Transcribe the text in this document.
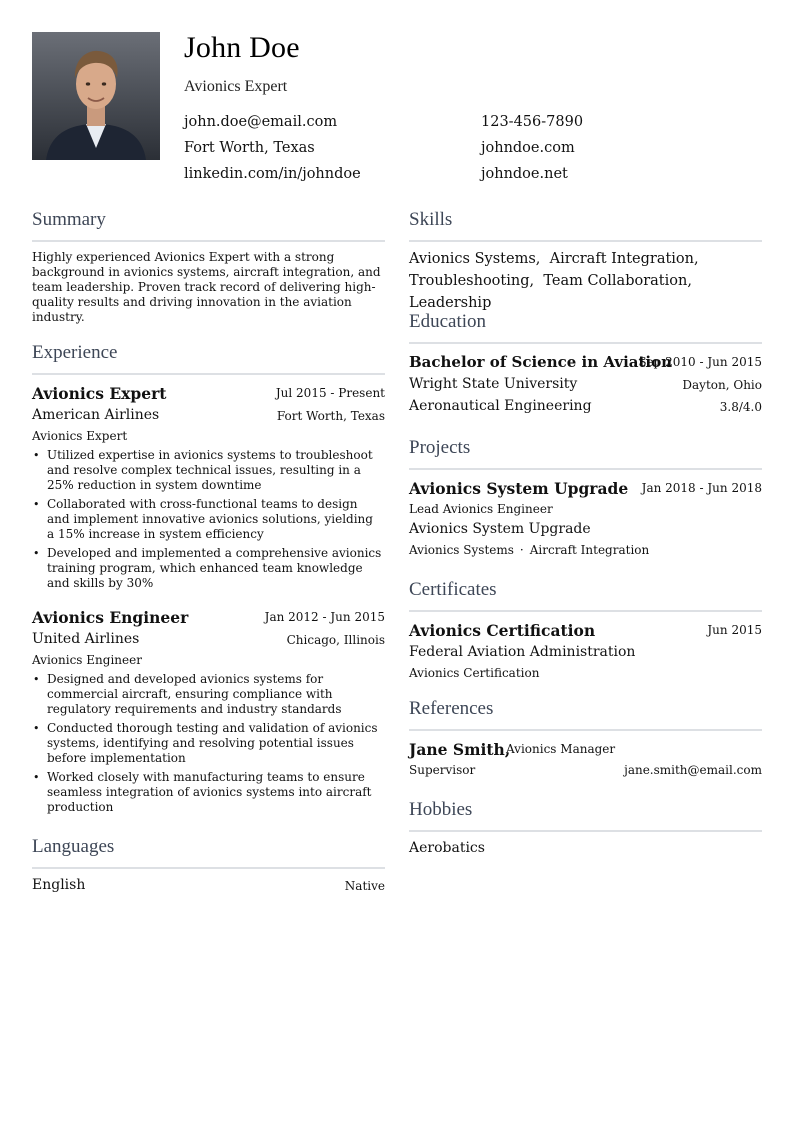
John Doe
Avionics Expert
john.doe@email.com	123-456-7890
Fort Worth, Texas	johndoe.com
linkedin.com/in/johndoe	johndoe.net
Summary
Highly experienced Avionics Expert with a strong background in avionics systems, aircraft integration, and team leadership. Proven track record of delivering high-quality results and driving innovation in the aviation industry.
Experience
Avionics Expert	Jul 2015 - Present
American Airlines	Fort Worth, Texas
Avionics Expert
• Utilized expertise in avionics systems to troubleshoot and resolve complex technical issues, resulting in a 25% reduction in system downtime
• Collaborated with cross-functional teams to design and implement innovative avionics solutions, yielding a 15% increase in system efficiency
• Developed and implemented a comprehensive avionics training program, which enhanced team knowledge and skills by 30%
Avionics Engineer	Jan 2012 - Jun 2015
United Airlines	Chicago, Illinois
Avionics Engineer
• Designed and developed avionics systems for commercial aircraft, ensuring compliance with regulatory requirements and industry standards
• Conducted thorough testing and validation of avionics systems, identifying and resolving potential issues before implementation
• Worked closely with manufacturing teams to ensure seamless integration of avionics systems into aircraft production
Languages
English	Native
Skills
Avionics Systems, Aircraft Integration,
Troubleshooting, Team Collaboration,  Leadership
Education
Bachelor of Science in Aviation
Sep 2010 - Jun 2015
Wright State University	Dayton, Ohio
Aeronautical Engineering	3.8/4.0
Projects
Avionics System Upgrade Jan 2018 - Jun 2018
Lead Avionics Engineer
Avionics System Upgrade
Avionics Systems · Aircraft Integration
Certificates
Avionics Certification	Jun 2015
Federal Aviation Administration
Avionics Certification
References
Jane Smith,
Avionics Manager
Supervisor	jane.smith@email.com
Hobbies
Aerobatics
